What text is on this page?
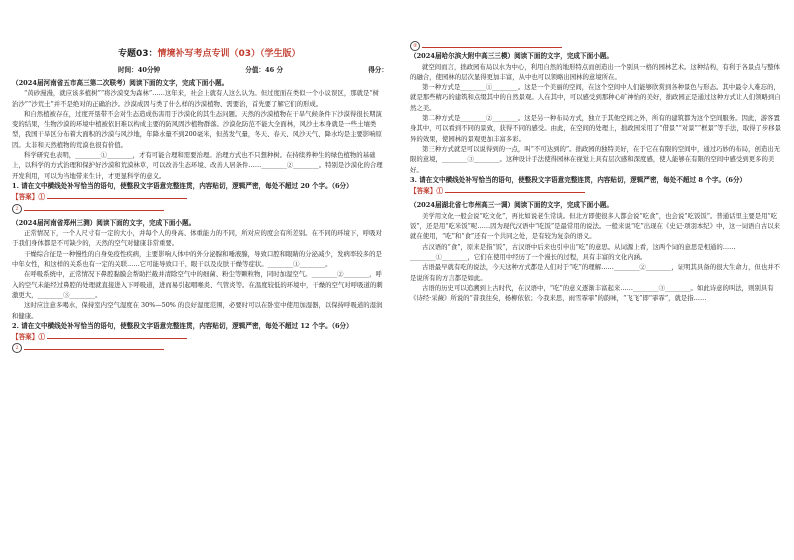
专题03：情境补写考点专训（03）（学生版）
时间：40分钟	分值：46 分	得分：

（2024届河南省五市高三第二次联考）阅读下面的文字，完成下面小题。

“黄砂漫漫，就应该多植树”“将沙漠变为森林”……这年来，社会上就有人这么认为。但过度面在类似一个小议误区，那就是“树治沙”“沙荒土”并不是绝对的正确治沙。沙漠成因与类了什么样的沙漠植物、需要治，首先要了解它们的形成。

和自然植被存在，过度开垦带不会对生态造成伤害用于沙漠化的其生态问题。天然的沙漠植物在干旱气候条件下沙漠得很长期演变的结果，生物沙漠的环境中植被依旧难以构成主要的防风固沙植物群落。沙漠化防范不能大全面林，风沙土本身就是一些土壤类型，我国干旱区分布着大面积的沙漠与风沙地，年降水量不到200毫米，但蒸发气量，冬天、春天、风沙天气、降水均是主要影响原因。太非和天然植物的荒漠也很有价值。

科学研究也表明，________①________，才有可能合理和需要治理。治理方式也不只想种树。在持续养种生的绿色植物的基础上，以科学的方式治理和保护好沙漠和荒漠林草，可以改善生态环境、改善人居条件……________②________。特别是沙漠化的合理开发利用，可以为当地带来生计，才更显科学的意义。

1. 请在文中横线处补写恰当的语句，使整段文字语意完整连贯，内容贴切，逻辑严密，每处不超过 20 个字。（6分）

【答案】①
2

（2024届河南省郑州三测）阅读下面的文字，完成下面小题。

正常情况下，一个人尺寸有一定的大小，并每个人的身高、体重能力的不同，所对应的度会有所差别。在不同的环境下，呼吸对于我们身体都是不可缺少的，天然的空气对健康非常重要。

干燥综合征是一种慢性的自身免疫性疾病，主要影响人体中的外分泌腺和唾液腺，导致口腔和眼睛的分泌减少，发病率较多的是中年女性，和这样的关系也有一定的关联……它可能导致口干、眼干以及皮肤干燥等症状。________①________。

在呼吸系统中，正常情况下鼻腔黏膜会帮助拦截并清除空气中的细菌、粉尘等颗粒物，同时加湿空气。________②________，呼入的空气未能经过鼻腔的处理就直接进入下呼吸道，进而易引起咽喉炎、气管炎等。在温度较低的环境中，干燥的空气对呼吸道的刺激更大，________③________。

这时应注意多喝水，保持室内空气湿度在 30%—50% 的良好湿度范围，必要时可以在卧室中使用加湿器，以保持呼吸道的湿润和健康。

2. 请在文中横线处补写恰当的语句，使整段文字语意完整连贯，内容贴切，逻辑严密，每处不超过 12 个字。（6分）

【答案】①
2
③

（2024届哈尔滨大附中高三三模）阅读下面的文字，完成下面小题。

就空间而言，拙政园布局以水为中心，利用自然的地形特点而创造出一个别具一格的园林艺术。这种结构，有利于各景点与整体的融合，使园林的层次显得更加丰富，从中也可以领略出园林的意境所在。

第一种方式是________①________。这是一个美丽的空间，在这个空间中人们能够欣赏到各种景色与形态。其中最令人难忘的，就是那些精巧的建筑和点缀其中的自然景观。人在其中，可以感受到那种心旷神怡的美好，拙政园正是通过这种方式让人们领略到自然之美。

第二种方式是________②________。这是另一种布局方式，独立于其他空间之外，所有的建筑都为这个空间服务。因此，游客置身其中，可以看到不同的景致，获得不同的感受。由此，在空间的处理上，拙政园采用了“借景”“对景”“框景”等手法，取得了步移景异的效果，使园林的景观更加丰富多彩。

第三种方式就是可以说得到的一点，叫“不可达到的”。拙政园的独特美好，在于它在有限的空间中，通过巧妙的布局，创造出无限的意境，________③________。这种设计手法使得园林在视觉上具有层次感和深度感，使人能够在有限的空间中感受到更多的美好。

3. 请在文中横线处补写恰当的语句，使整段文字语意完整连贯，内容贴切，逻辑严密，每处不超过 8 个字。（6分）

【答案】①

（2024届湖北省七市州高三一调）阅读下面的文字，完成下面小题。

美学用文化一般会说“吃文化”，再比如说老生常谈。但北方即使很多人都会说“吃食”，也会说“吃饭饭”。普通话里主要是用“吃饭”，还是用“吃米饭”呢……因为现代汉语中“吃饭”是最常用的说法。一般来说“吃”出现在《史记·项羽本纪》中，这一词语自古以来就在使用，“吃”和“食”还有一个共同之处，是有较为复杂的语义。

古汉语的“食”，原来是指“饭”，古汉语中后来也引申出“吃”的意思。从词源上看，这两个词的意思是相通的……________①________，它们在使用中经历了一个漫长的过程，具有丰富的文化内涵。

古语最早就有吃的说法，今天这种方式都是人们对于“吃”的理解……________②________，证明其具备的很大生命力，但也并不是说所有的方言都是如此。

古语的历史可以追溯到上古时代，在汉语中，“吃”的意义逐渐丰富起来……________③________。如此诗意的叫法，则别具有《诗经·采薇》所说的“昔我往矣，杨柳依依；今我来思，雨雪霏霏”的韵味，“飞飞”即“霏霏”，就是指……
